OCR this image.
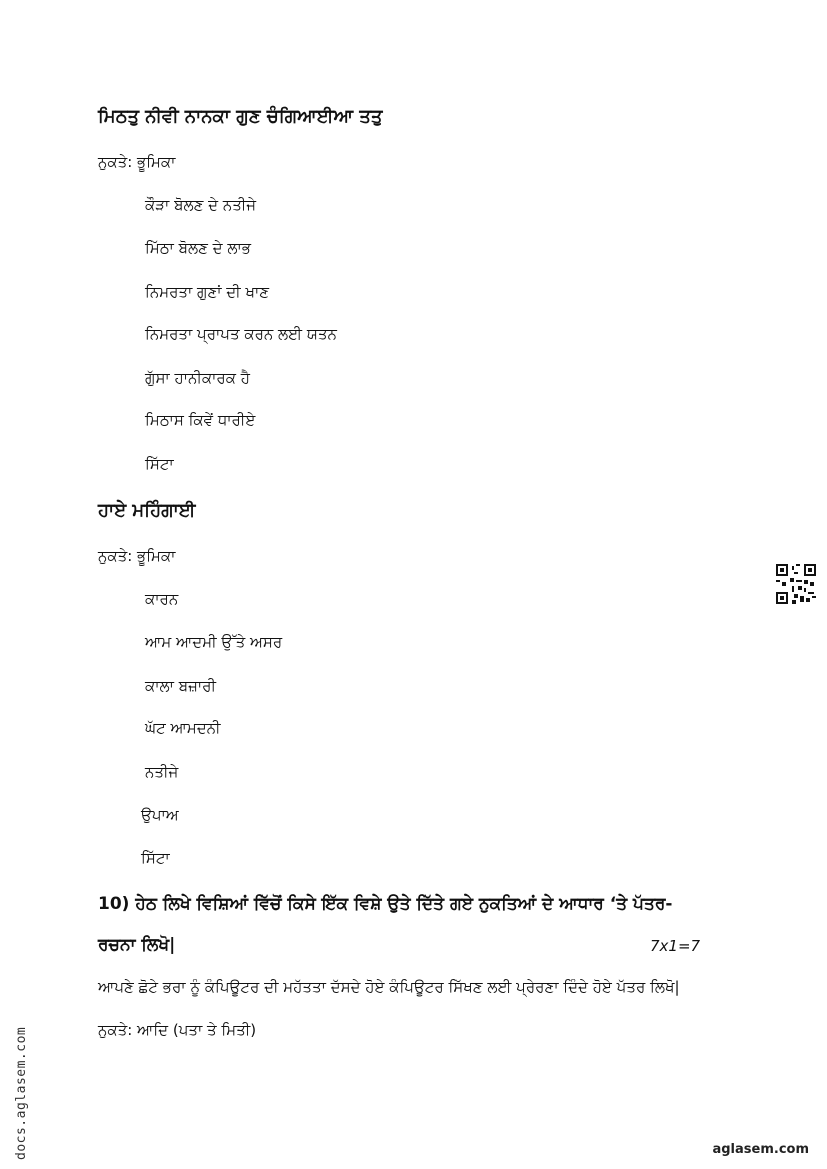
ਮਿਠਤੁ ਨੀਵੀ ਨਾਨਕਾ ਗੁਣ ਚੰਗਿਆਈਆ ਤਤੁ
ਨੁਕਤੇ: ਭੂਮਿਕਾ
ਕੌੜਾ ਬੋਲਣ ਦੇ ਨਤੀਜੇ
ਮਿੱਠਾ ਬੋਲਣ ਦੇ ਲਾਭ
ਨਿਮਰਤਾ ਗੁਣਾਂ ਦੀ ਖਾਣ
ਨਿਮਰਤਾ ਪ੍ਰਾਪਤ ਕਰਨ ਲਈ ਯਤਨ
ਗੁੱਸਾ ਹਾਨੀਕਾਰਕ ਹੈ
ਮਿਠਾਸ ਕਿਵੇਂ ਧਾਰੀਏ
ਸਿੱਟਾ
ਹਾਏ ਮਹਿੰਗਾਈ
ਨੁਕਤੇ: ਭੂਮਿਕਾ
ਕਾਰਨ
ਆਮ ਆਦਮੀ ਉੱਤੇ ਅਸਰ
ਕਾਲਾ ਬਜ਼ਾਰੀ
ਘੱਟ ਆਮਦਨੀ
ਨਤੀਜੇ
ਉਪਾਅ
ਸਿੱਟਾ
10) ਹੇਠ ਲਿਖੇ ਵਿਸ਼ਿਆਂ ਵਿੱਚੋਂ ਕਿਸੇ ਇੱਕ ਵਿਸ਼ੇ ਉਤੇ ਦਿੱਤੇ ਗਏ ਨੁਕਤਿਆਂ ਦੇ ਆਧਾਰ ‘ਤੇ ਪੱਤਰ-
ਰਚਨਾ ਲਿਖੋ|	7x1=7
ਆਪਣੇ ਛੋਟੇ ਭਰਾ ਨੂੰ ਕੰਪਿਊਟਰ ਦੀ ਮਹੱਤਤਾ ਦੱਸਦੇ ਹੋਏ ਕੰਪਿਊਟਰ ਸਿੱਖਣ ਲਈ ਪ੍ਰੇਰਣਾ ਦਿੰਦੇ ਹੋਏ ਪੱਤਰ ਲਿਖੋ|
ਨੁਕਤੇ: ਆਦਿ (ਪਤਾ ਤੇ ਮਿਤੀ)
docs.aglasem.com	aglasem.com
